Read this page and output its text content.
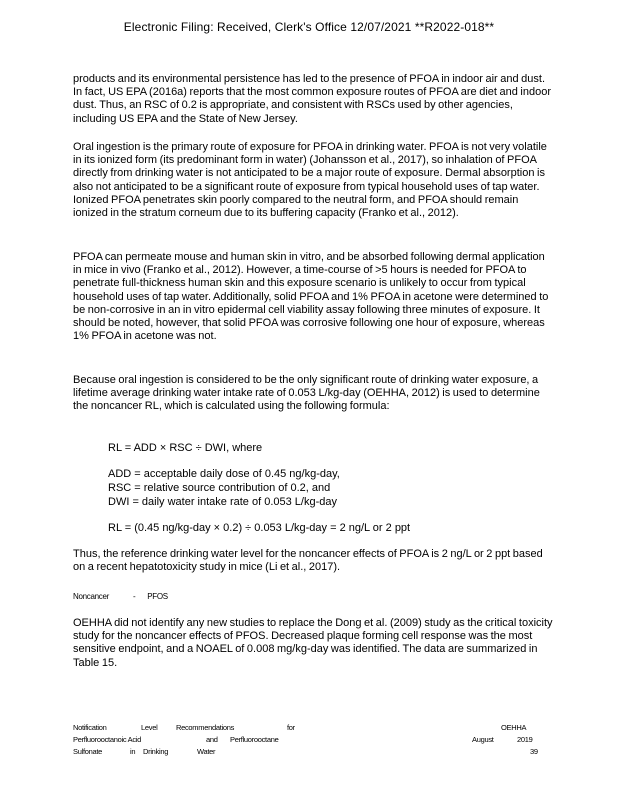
Electronic Filing: Received, Clerk's Office 12/07/2021 **R2022-018**

products and its environmental persistence has led to the presence of PFOA in indoor air and dust. In fact, US EPA (2016a) reports that the most common exposure routes of PFOA are diet and indoor dust. Thus, an RSC of 0.2 is appropriate, and consistent with RSCs used by other agencies, including US EPA and the State of New Jersey.

Oral ingestion is the primary route of exposure for PFOA in drinking water. PFOA is not very volatile in its ionized form (its predominant form in water) (Johansson et al., 2017), so inhalation of PFOA directly from drinking water is not anticipated to be a major route of exposure. Dermal absorption is also not anticipated to be a significant route of exposure from typical household uses of tap water. Ionized PFOA penetrates skin poorly compared to the neutral form, and PFOA should remain ionized in the stratum corneum due to its buffering capacity (Franko et al., 2012).

PFOA can permeate mouse and human skin in vitro, and be absorbed following dermal application in mice in vivo (Franko et al., 2012). However, a time-course of >5 hours is needed for PFOA to penetrate full-thickness human skin and this exposure scenario is unlikely to occur from typical household uses of tap water. Additionally, solid PFOA and 1% PFOA in acetone were determined to be non-corrosive in an in vitro epidermal cell viability assay following three minutes of exposure. It should be noted, however, that solid PFOA was corrosive following one hour of exposure, whereas 1% PFOA in acetone was not.

Because oral ingestion is considered to be the only significant route of drinking water exposure, a lifetime average drinking water intake rate of 0.053 L/kg-day (OEHHA, 2012) is used to determine the noncancer RL, which is calculated using the following formula:

RL = ADD × RSC ÷ DWI, where

ADD = acceptable daily dose of 0.45 ng/kg-day,

RSC = relative source contribution of 0.2, and

DWI = daily water intake rate of 0.053 L/kg-day

RL = (0.45 ng/kg-day × 0.2) ÷ 0.053 L/kg-day = 2 ng/L or 2 ppt

Thus, the reference drinking water level for the noncancer effects of PFOA is 2 ng/L or 2 ppt based on a recent hepatotoxicity study in mice (Li et al., 2017).

Noncancer	- PFOS

OEHHA did not identify any new studies to replace the Dong et al. (2009) study as the critical toxicity study for the noncancer effects of PFOS. Decreased plaque forming cell response was the most sensitive endpoint, and a NOAEL of 0.008 mg/kg-day was identified. The data are summarized in Table 15.

Notification	Level Recommendations	for	OEHHA
Perfluorooctanoic Acid	and Perfluorooctane	August	2019
Sulfonate	in Drinking	Water	39
